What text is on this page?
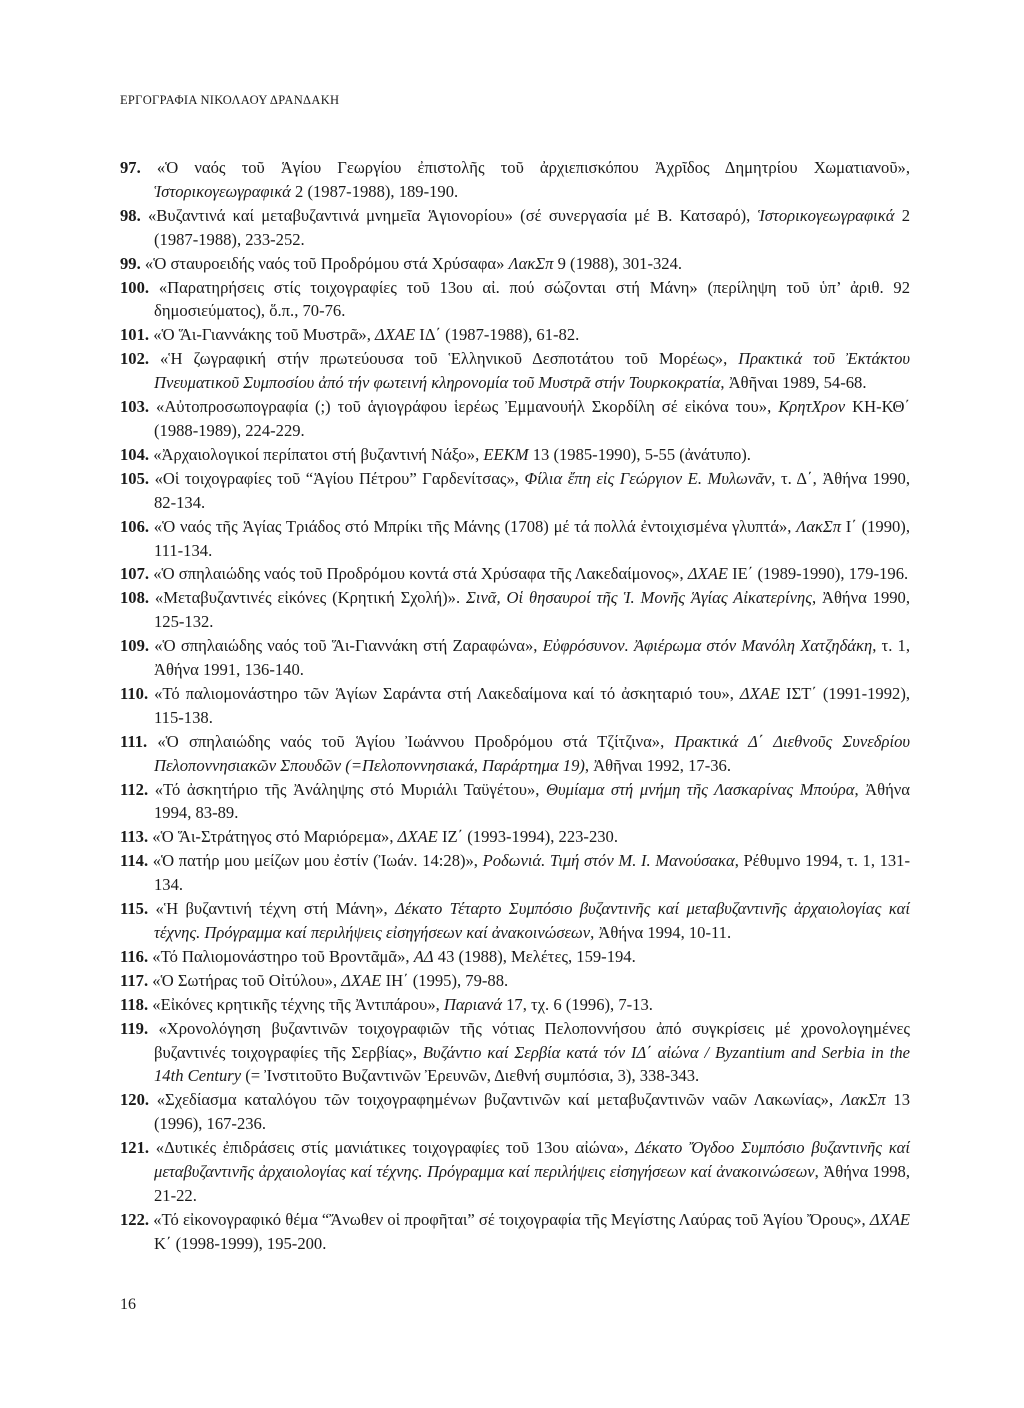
ΕΡΓΟΓΡΑΦΙΑ ΝΙΚΟΛΑΟΥ ΔΡΑΝΔΑΚΗ
97. «Ὁ ναός τοῦ Ἁγίου Γεωργίου ἐπιστολῆς τοῦ ἀρχιεπισκόπου Ἀχρῖδος Δημητρίου Χωματιανοῦ», Ἱστορικογεωγραφικά 2 (1987-1988), 189-190.
98. «Βυζαντινά καί μεταβυζαντινά μνημεῖα Ἁγιονορίου» (σέ συνεργασία μέ Β. Κατσαρό), Ἱστορικογεωγραφικά 2 (1987-1988), 233-252.
99. «Ὁ σταυροειδής ναός τοῦ Προδρόμου στά Χρύσαφα» ΛακΣπ 9 (1988), 301-324.
100. «Παρατηρήσεις στίς τοιχογραφίες τοῦ 13ου αἰ. πού σώζονται στή Μάνη» (περίληψη τοῦ ὑπ’ ἀριθ. 92 δημοσιεύματος), ὅ.π., 70-76.
101. «Ὁ Ἅι-Γιαννάκης τοῦ Μυστρᾶ», ΔΧΑΕ ΙΔ΄ (1987-1988), 61-82.
102. «Ἡ ζωγραφική στήν πρωτεύουσα τοῦ Ἑλληνικοῦ Δεσποτάτου τοῦ Μορέως», Πρακτικά τοῦ Ἐκτάκτου Πνευματικοῦ Συμποσίου ἀπό τήν φωτεινή κληρονομία τοῦ Μυστρᾶ στήν Τουρκοκρατία, Ἀθῆναι 1989, 54-68.
103. «Αὐτοπροσωπογραφία (;) τοῦ ἁγιογράφου ἱερέως Ἐμμανουήλ Σκορδίλη σέ εἰκόνα του», ΚρητΧρον ΚΗ-ΚΘ΄ (1988-1989), 224-229.
104. «Ἀρχαιολογικοί περίπατοι στή βυζαντινή Νάξο», ΕΕΚΜ 13 (1985-1990), 5-55 (ἀνάτυπο).
105. «Οἱ τοιχογραφίες τοῦ “Ἁγίου Πέτρου” Γαρδενίτσας», Φίλια ἔπη εἰς Γεώργιον Ε. Μυλωνᾶν, τ. Δ΄, Ἀθήνα 1990, 82-134.
106. «Ὁ ναός τῆς Ἁγίας Τριάδος στό Μπρίκι τῆς Μάνης (1708) μέ τά πολλά ἐντοιχισμένα γλυπτά», ΛακΣπ Ι΄ (1990), 111-134.
107. «Ὁ σπηλαιώδης ναός τοῦ Προδρόμου κοντά στά Χρύσαφα τῆς Λακεδαίμονος», ΔΧΑΕ ΙΕ΄ (1989-1990), 179-196.
108. «Μεταβυζαντινές εἰκόνες (Κρητική Σχολή)». Σινᾶ, Οἱ θησαυροί τῆς Ἱ. Μονῆς Ἁγίας Αἰκατερίνης, Ἀθήνα 1990, 125-132.
109. «Ὁ σπηλαιώδης ναός τοῦ Ἅι-Γιαννάκη στή Ζαραφώνα», Εὐφρόσυνον. Ἀφιέρωμα στόν Μανόλη Χατζηδάκη, τ. 1, Ἀθήνα 1991, 136-140.
110. «Τό παλιομονάστηρο τῶν Ἁγίων Σαράντα στή Λακεδαίμονα καί τό ἀσκηταριό του», ΔΧΑΕ ΙΣΤ΄ (1991-1992), 115-138.
111. «Ὁ σπηλαιώδης ναός τοῦ Ἁγίου Ἰωάννου Προδρόμου στά Τζίτζινα», Πρακτικά Δ΄ Διεθνοῦς Συνεδρίου Πελοποννησιακῶν Σπουδῶν (=Πελοποννησιακά, Παράρτημα 19), Ἀθῆναι 1992, 17-36.
112. «Τό ἀσκητήριο τῆς Ἀνάληψης στό Μυριάλι Ταϋγέτου», Θυμίαμα στή μνήμη τῆς Λασκαρίνας Μπούρα, Ἀθήνα 1994, 83-89.
113. «Ὁ Ἅι-Στράτηγος στό Μαριόρεμα», ΔΧΑΕ ΙΖ΄ (1993-1994), 223-230.
114. «Ὁ πατήρ μου μείζων μου ἐστίν (Ἰωάν. 14:28)», Ροδωνιά. Τιμή στόν Μ. Ι. Μανούσακα, Ρέθυμνο 1994, τ. 1, 131-134.
115. «Ἡ βυζαντινή τέχνη στή Μάνη», Δέκατο Τέταρτο Συμπόσιο βυζαντινῆς καί μεταβυζαντινῆς ἀρχαιολογίας καί τέχνης. Πρόγραμμα καί περιλήψεις εἰσηγήσεων καί ἀνακοινώσεων, Ἀθήνα 1994, 10-11.
116. «Τό Παλιομονάστηρο τοῦ Βροντᾶμᾶ», ΑΔ 43 (1988), Μελέτες, 159-194.
117. «Ὁ Σωτήρας τοῦ Οἰτύλου», ΔΧΑΕ ΙΗ΄ (1995), 79-88.
118. «Εἰκόνες κρητικῆς τέχνης τῆς Ἀντιπάρου», Παριανά 17, τχ. 6 (1996), 7-13.
119. «Χρονολόγηση βυζαντινῶν τοιχογραφιῶν τῆς νότιας Πελοποννήσου ἀπό συγκρίσεις μέ χρονολογημένες βυζαντινές τοιχογραφίες τῆς Σερβίας», Βυζάντιο καί Σερβία κατά τόν ΙΔ΄ αἰώνα / Byzantium and Serbia in the 14th Century (= Ἰνστιτοῦτο Βυζαντινῶν Ἐρευνῶν, Διεθνή συμπόσια, 3), 338-343.
120. «Σχεδίασμα καταλόγου τῶν τοιχογραφημένων βυζαντινῶν καί μεταβυζαντινῶν ναῶν Λακωνίας», ΛακΣπ 13 (1996), 167-236.
121. «Δυτικές ἐπιδράσεις στίς μανιάτικες τοιχογραφίες τοῦ 13ου αἰώνα», Δέκατο Ὄγδοο Συμπόσιο βυζαντινῆς καί μεταβυζαντινῆς ἀρχαιολογίας καί τέχνης. Πρόγραμμα καί περιλήψεις εἰσηγήσεων καί ἀνακοινώσεων, Ἀθήνα 1998, 21-22.
122. «Τό εἰκονογραφικό θέμα “Ἄνωθεν οἱ προφῆται” σέ τοιχογραφία τῆς Μεγίστης Λαύρας τοῦ Ἁγίου Ὄρους», ΔΧΑΕ Κ΄ (1998-1999), 195-200.
16
